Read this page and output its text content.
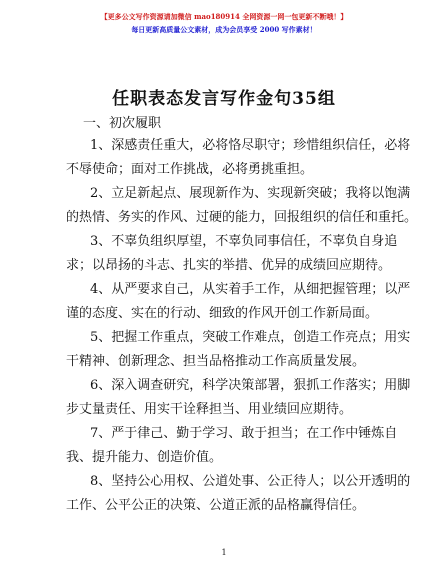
【更多公文写作资源请加微信 mao180914 全网资源一网一包更新不断哦！】
每日更新高质量公文素材，成为会员享受 2000 写作素材！
任职表态发言写作金句35组
一、初次履职
1、深感责任重大，必将恪尽职守；珍惜组织信任，必将
不辱使命；面对工作挑战，必将勇挑重担。
2、立足新起点、展现新作为、实现新突破；我将以饱满
的热情、务实的作风、过硬的能力，回报组织的信任和重托。
3、不辜负组织厚望，不辜负同事信任，不辜负自身追
求；以昂扬的斗志、扎实的举措、优异的成绩回应期待。
4、从严要求自己，从实着手工作，从细把握管理；以严
谨的态度、实在的行动、细致的作风开创工作新局面。
5、把握工作重点，突破工作难点，创造工作亮点；用实
干精神、创新理念、担当品格推动工作高质量发展。
6、深入调查研究，科学决策部署，狠抓工作落实；用脚
步丈量责任、用实干诠释担当、用业绩回应期待。
7、严于律己、勤于学习、敢于担当；在工作中锤炼自
我、提升能力、创造价值。
8、坚持公心用权、公道处事、公正待人；以公开透明的
工作、公平公正的决策、公道正派的品格赢得信任。
1
